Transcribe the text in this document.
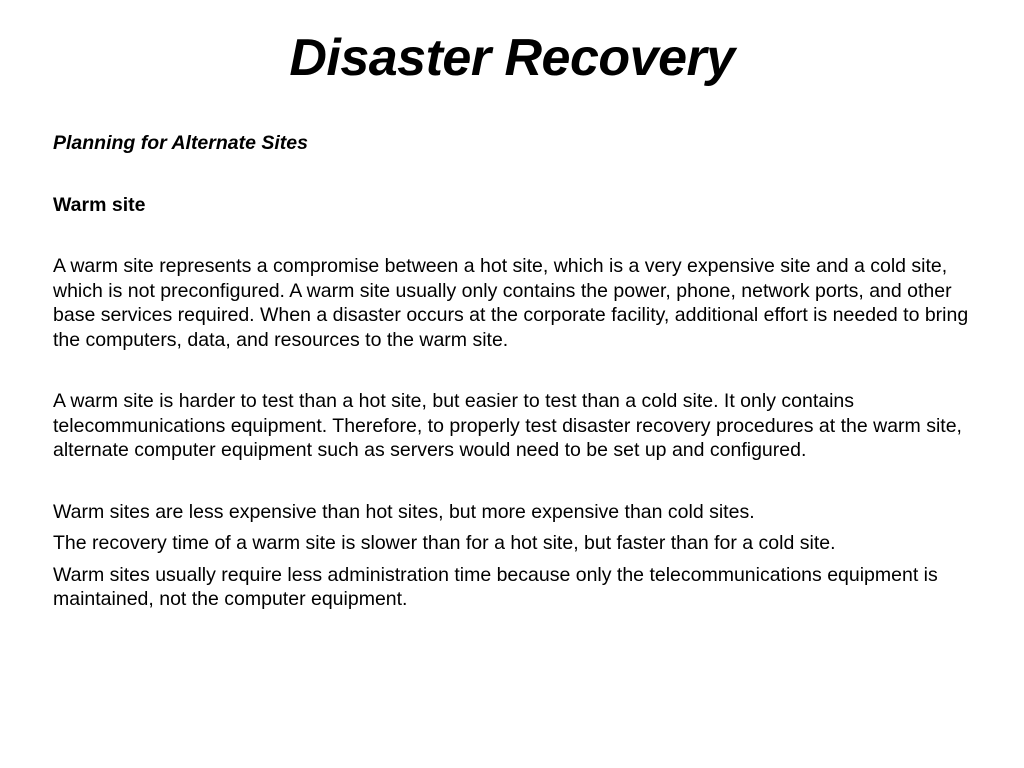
Disaster Recovery

Planning for Alternate Sites

Warm site

A warm site represents a compromise between a hot site, which is a very expensive site and a cold site, which is not preconfigured. A warm site usually only contains the power, phone, network ports, and other base services required. When a disaster occurs at the corporate facility, additional effort is needed to bring the computers, data, and resources to the warm site.

A warm site is harder to test than a hot site, but easier to test than a cold site. It only contains telecommunications equipment. Therefore, to properly test disaster recovery procedures at the warm site, alternate computer equipment such as servers would need to be set up and configured.

Warm sites are less expensive than hot sites, but more expensive than cold sites.

The recovery time of a warm site is slower than for a hot site, but faster than for a cold site.

Warm sites usually require less administration time because only the telecommunications equipment is maintained, not the computer equipment.
